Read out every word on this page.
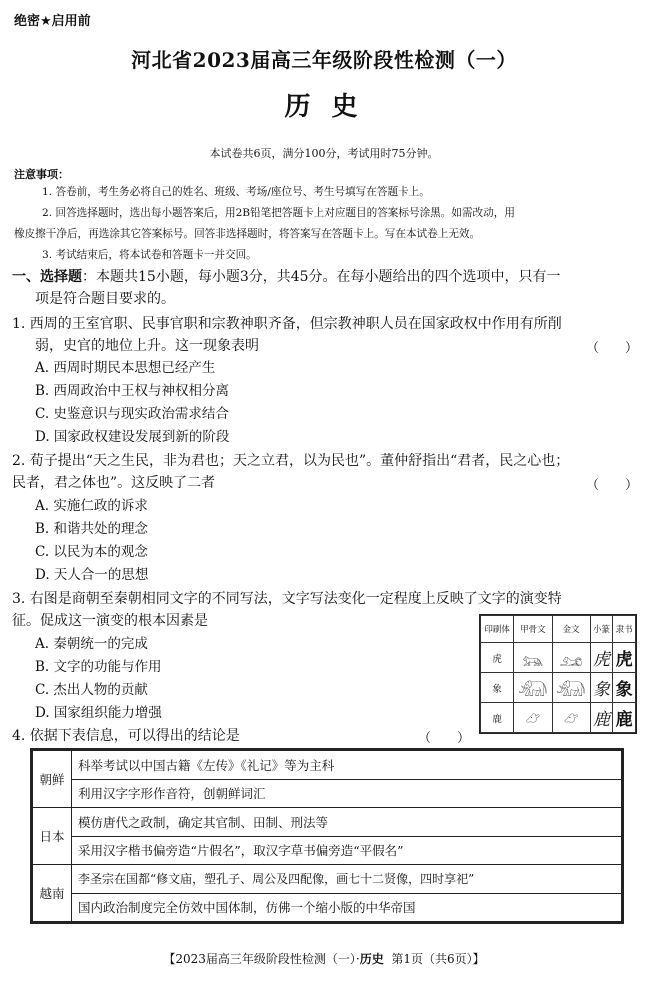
绝密★启用前
河北省2023届高三年级阶段性检测（一）
历 史
本试卷共6页，满分100分，考试用时75分钟。
注意事项：
1. 答卷前，考生务必将自己的姓名、班级、考场/座位号、考生号填写在答题卡上。
2. 回答选择题时，选出每小题答案后，用2B铅笔把答题卡上对应题目的答案标号涂黑。如需改动，用
橡皮擦干净后，再选涂其它答案标号。回答非选择题时，将答案写在答题卡上。写在本试卷上无效。
3. 考试结束后，将本试卷和答题卡一并交回。
一、选择题：本题共15小题，每小题3分，共45分。在每小题给出的四个选项中，只有一
项是符合题目要求的。
1. 西周的王室官职、民事官职和宗教神职齐备，但宗教神职人员在国家政权中作用有所削
弱，史官的地位上升。这一现象表明	（　　）
A. 西周时期民本思想已经产生
B. 西周政治中王权与神权相分离
C. 史鉴意识与现实政治需求结合
D. 国家政权建设发展到新的阶段
2. 荀子提出“天之生民，非为君也；天之立君，以为民也”。董仲舒指出“君者，民之心也；
民者，君之体也”。这反映了二者	（　　）
A. 实施仁政的诉求
B. 和谐共处的理念
C. 以民为本的观念
D. 天人合一的思想
3. 右图是商朝至秦朝相同文字的不同写法，文字写法变化一定程度上反映了文字的演变特
征。促成这一演变的根本因素是
A. 秦朝统一的完成
B. 文字的功能与作用
C. 杰出人物的贡献
D. 国家组织能力增强
印刷体	甲骨文	金文	小篆	隶书
虎	𓃬	𓃭	虎	虎
象	𓃰	𓃰	象	象
鹿	𓃿	𓃿	鹿	鹿
4. 依据下表信息，可以得出的结论是	（　　）
朝鲜	科举考试以中国古籍《左传》《礼记》等为主科
	利用汉字字形作音符，创朝鲜词汇
日本	模仿唐代之政制，确定其官制、田制、刑法等
	采用汉字楷书偏旁造“片假名”，取汉字草书偏旁造“平假名”
越南	李圣宗在国都“修文庙，塑孔子、周公及四配像，画七十二贤像，四时享祀”
	国内政治制度完全仿效中国体制，仿佛一个缩小版的中华帝国
【2023届高三年级阶段性检测（一）·历史 第1页（共6页）】
